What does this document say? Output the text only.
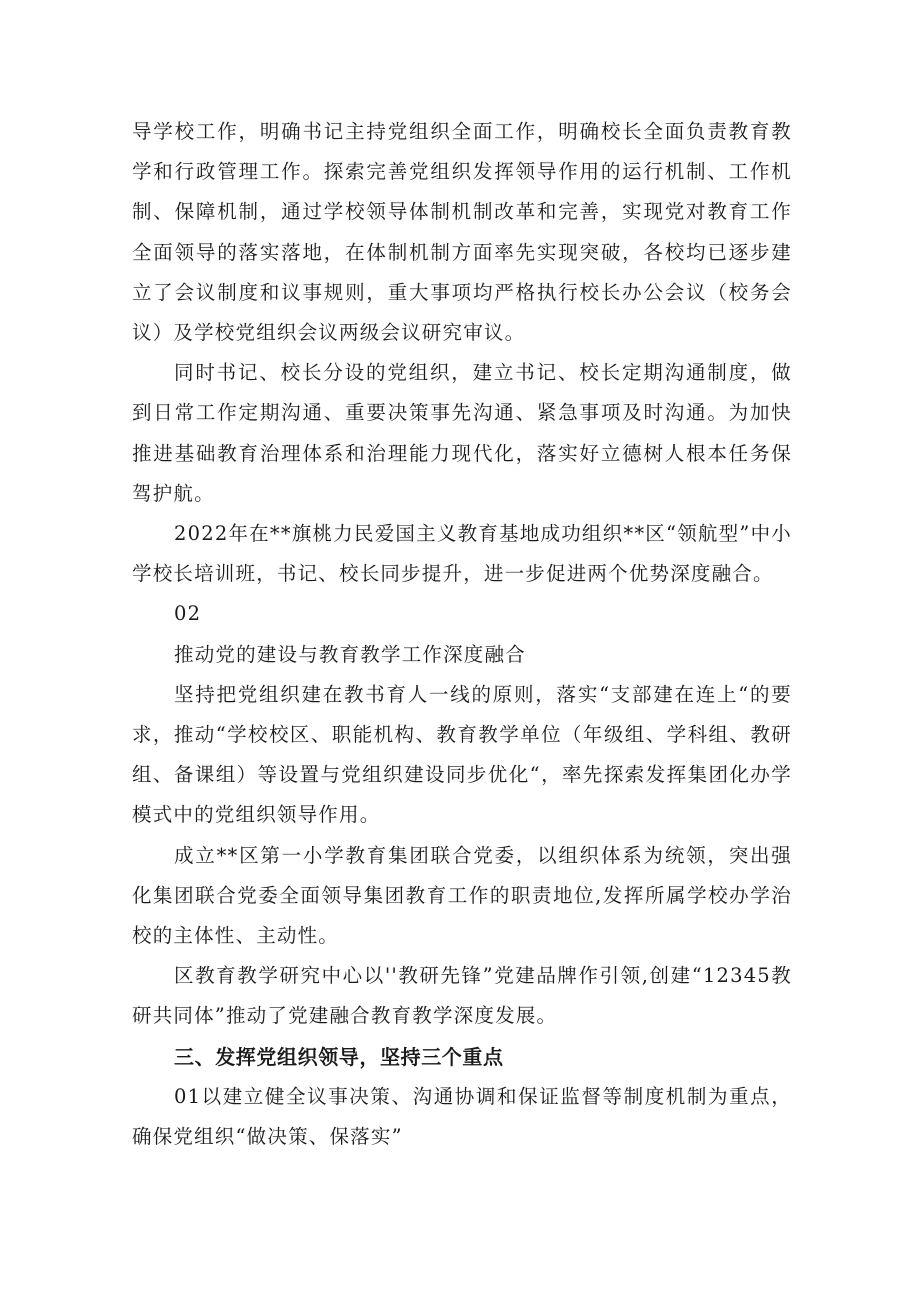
导学校工作，明确书记主持党组织全面工作，明确校长全面负责教育教学和行政管理工作。探索完善党组织发挥领导作用的运行机制、工作机制、保障机制，通过学校领导体制机制改革和完善，实现党对教育工作全面领导的落实落地，在体制机制方面率先实现突破，各校均已逐步建立了会议制度和议事规则，重大事项均严格执行校长办公会议（校务会议）及学校党组织会议两级会议研究审议。

同时书记、校长分设的党组织，建立书记、校长定期沟通制度，做到日常工作定期沟通、重要决策事先沟通、紧急事项及时沟通。为加快推进基础教育治理体系和治理能力现代化，落实好立德树人根本任务保驾护航。

2022年在**旗桃力民爱国主义教育基地成功组织**区“领航型”中小学校长培训班，书记、校长同步提升，进一步促进两个优势深度融合。

02

推动党的建设与教育教学工作深度融合

坚持把党组织建在教书育人一线的原则，落实“支部建在连上“的要求，推动“学校校区、职能机构、教育教学单位（年级组、学科组、教研组、备课组）等设置与党组织建设同步优化“，率先探索发挥集团化办学模式中的党组织领导作用。

成立**区第一小学教育集团联合党委，以组织体系为统领，突出强化集团联合党委全面领导集团教育工作的职责地位,发挥所属学校办学治校的主体性、主动性。

区教育教学研究中心以''教研先锋”党建品牌作引领,创建“12345教研共同体”推动了党建融合教育教学深度发展。

三、发挥党组织领导，坚持三个重点

01以建立健全议事决策、沟通协调和保证监督等制度机制为重点，确保党组织“做决策、保落实”
